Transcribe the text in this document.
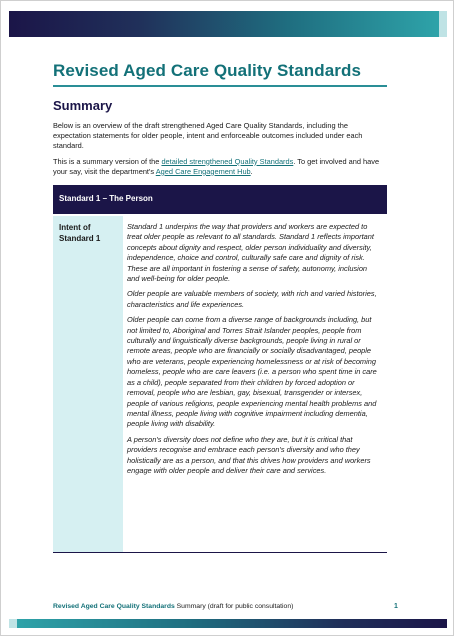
Revised Aged Care Quality Standards
Summary

Below is an overview of the draft strengthened Aged Care Quality Standards, including the expectation statements for older people, intent and enforceable outcomes included under each standard.

This is a summary version of the detailed strengthened Quality Standards. To get involved and have your say, visit the department's Aged Care Engagement Hub.

Standard 1 – The Person
Intent of Standard 1

Standard 1 underpins the way that providers and workers are expected to treat older people as relevant to all standards. Standard 1 reflects important concepts about dignity and respect, older person individuality and diversity, independence, choice and control, culturally safe care and dignity of risk. These are all important in fostering a sense of safety, autonomy, inclusion and well-being for older people.

Older people are valuable members of society, with rich and varied histories, characteristics and life experiences.

Older people can come from a diverse range of backgrounds including, but not limited to, Aboriginal and Torres Strait Islander peoples, people from culturally and linguistically diverse backgrounds, people living in rural or remote areas, people who are financially or socially disadvantaged, people who are veterans, people experiencing homelessness or at risk of becoming homeless, people who are care leavers (i.e. a person who spent time in care as a child), people separated from their children by forced adoption or removal, people who are lesbian, gay, bisexual, transgender or intersex, people of various religions, people experiencing mental health problems and mental illness, people living with cognitive impairment including dementia, people living with disability.

A person's diversity does not define who they are, but it is critical that providers recognise and embrace each person's diversity and who they holistically are as a person, and that this drives how providers and workers engage with older people and deliver their care and services.

Revised Aged Care Quality Standards Summary (draft for public consultation)	1
